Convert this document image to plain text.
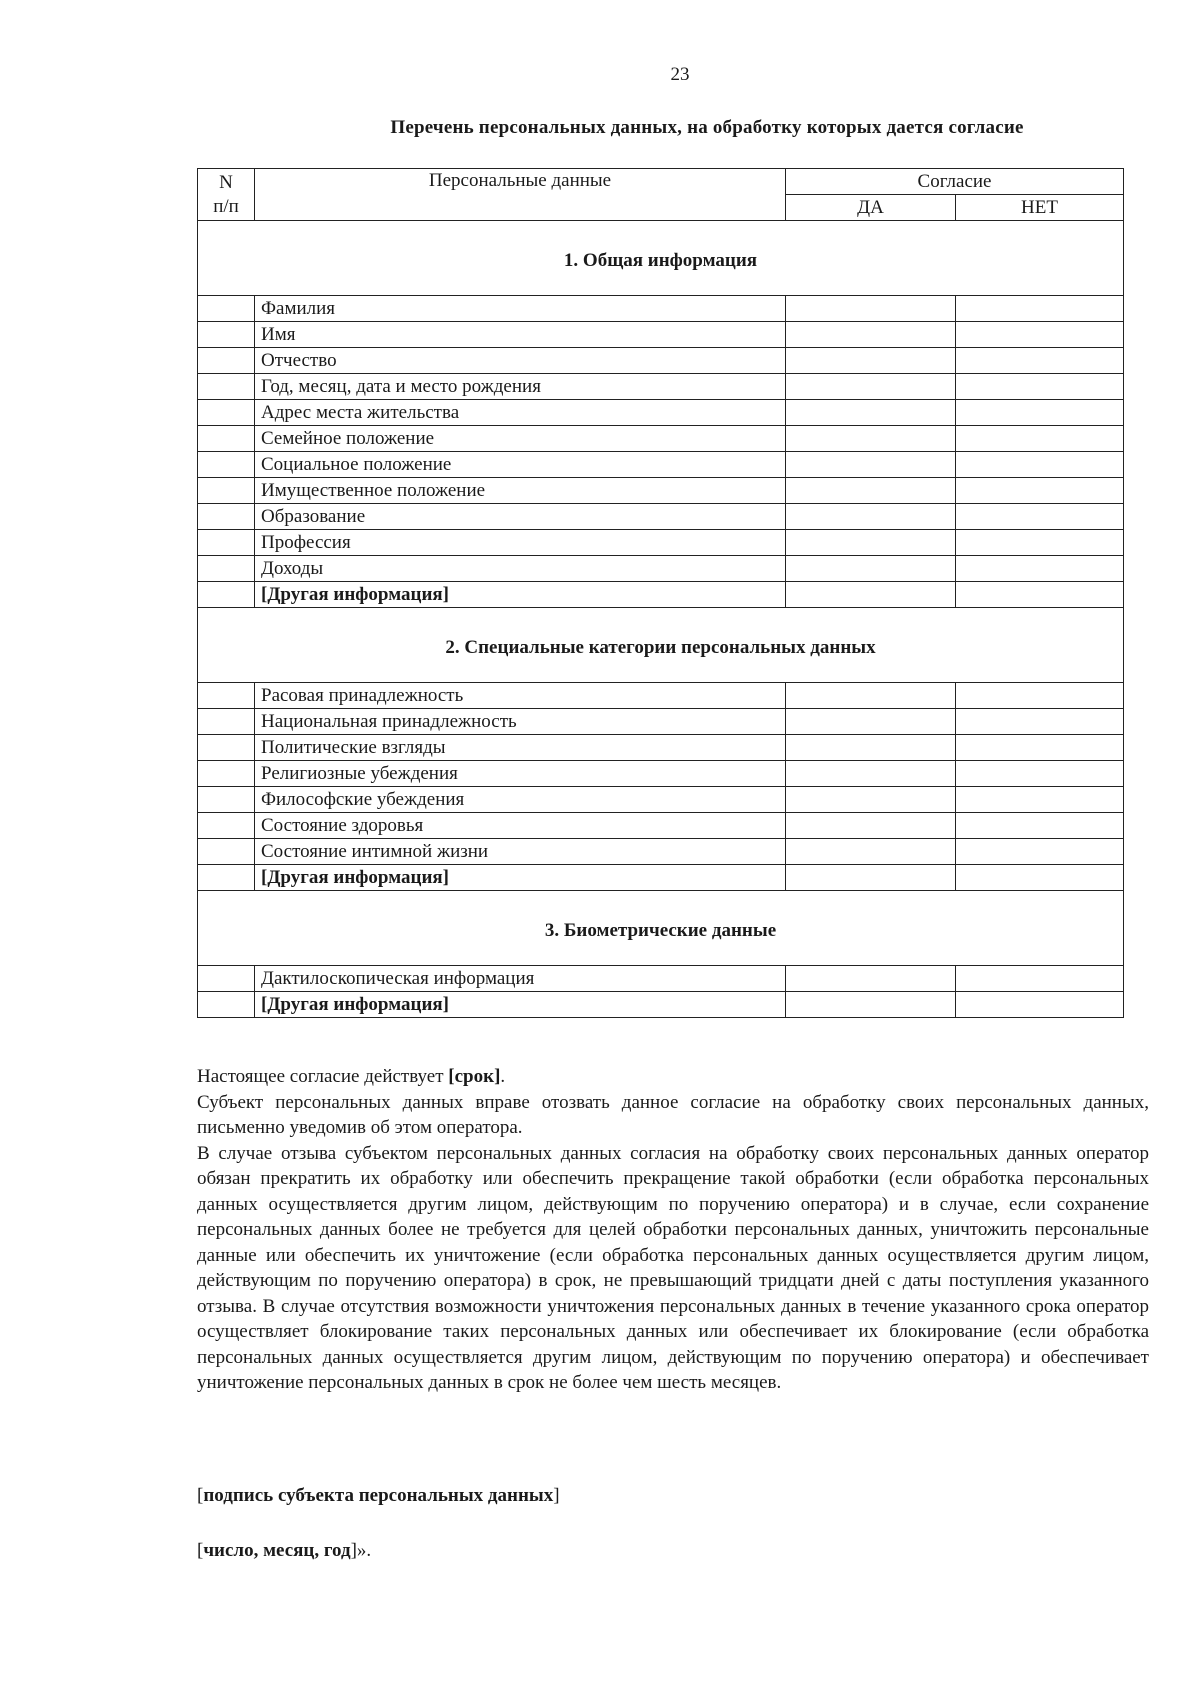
23
Перечень персональных данных, на обработку которых дается согласие
N
п/п	Персональные данные	Согласие	
		ДА	НЕТ
1. Общая информация			
	Фамилия		
	Имя		
	Отчество		
	Год, месяц, дата и место рождения		
	Адрес места жительства		
	Семейное положение		
	Социальное положение		
	Имущественное положение		
	Образование		
	Профессия		
	Доходы		
	[Другая информация]		
2. Специальные категории персональных данных			
	Расовая принадлежность		
	Национальная принадлежность		
	Политические взгляды		
	Религиозные убеждения		
	Философские убеждения		
	Состояние здоровья		
	Состояние интимной жизни		
	[Другая информация]		
3. Биометрические данные			
	Дактилоскопическая информация		
	[Другая информация]		

Настоящее согласие действует [срок].

Субъект персональных данных вправе отозвать данное согласие на обработку своих персональных данных, письменно уведомив об этом оператора.

В случае отзыва субъектом персональных данных согласия на обработку своих персональных данных оператор обязан прекратить их обработку или обеспечить прекращение такой обработки (если обработка персональных данных осуществляется другим лицом, действующим по поручению оператора) и в случае, если сохранение персональных данных более не требуется для целей обработки персональных данных, уничтожить персональные данные или обеспечить их уничтожение (если обработка персональных данных осуществляется другим лицом, действующим по поручению оператора) в срок, не превышающий тридцати дней с даты поступления указанного отзыва. В случае отсутствия возможности уничтожения персональных данных в течение указанного срока оператор осуществляет блокирование таких персональных данных или обеспечивает их блокирование (если обработка персональных данных осуществляется другим лицом, действующим по поручению оператора) и обеспечивает уничтожение персональных данных в срок не более чем шесть месяцев.

[подпись субъекта персональных данных]
[число, месяц, год]».
